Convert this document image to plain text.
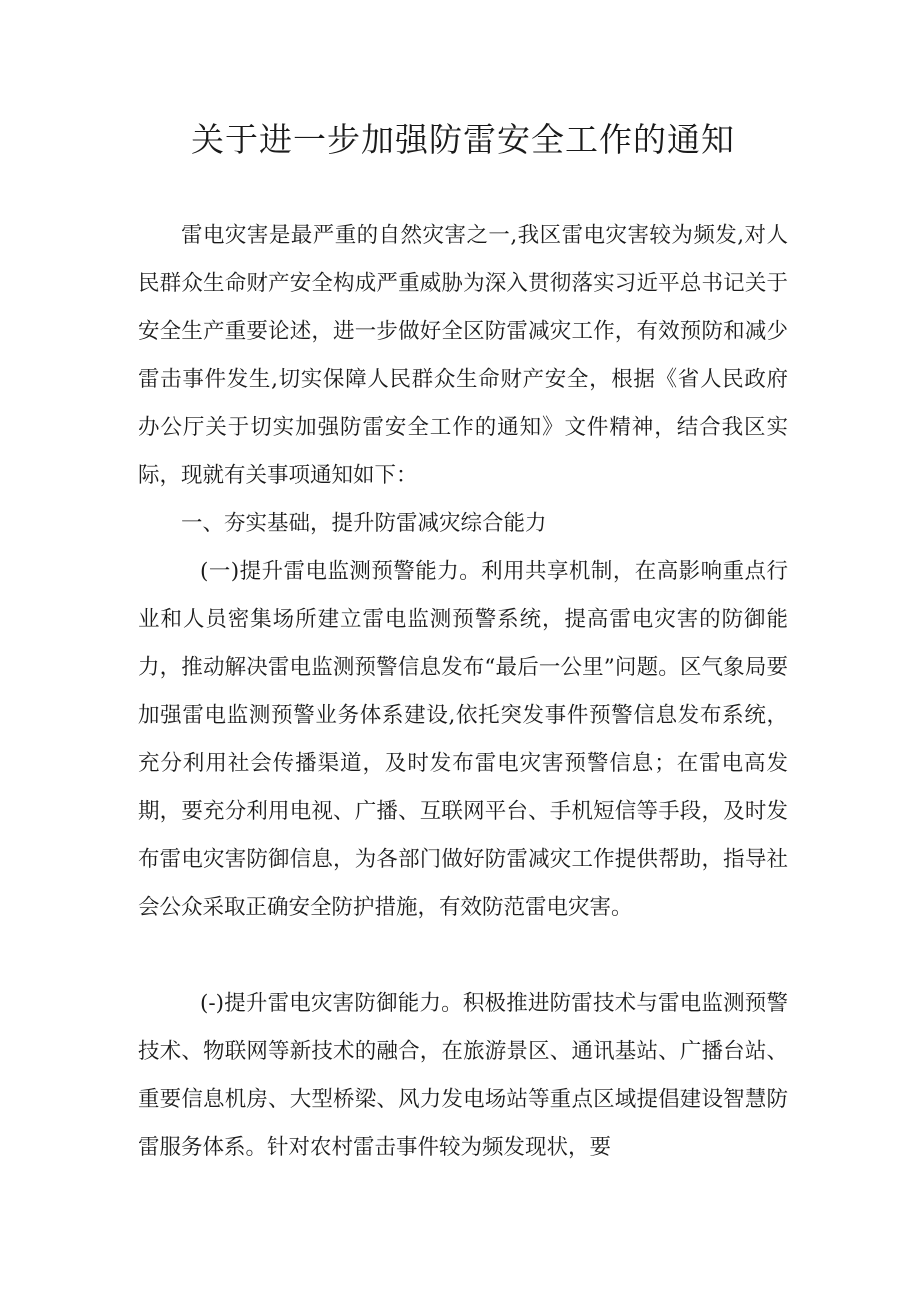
关于进一步加强防雷安全工作的通知

雷电灾害是最严重的自然灾害之一,我区雷电灾害较为频发,对人民群众生命财产安全构成严重威胁为深入贯彻落实习近平总书记关于安全生产重要论述，进一步做好全区防雷减灾工作，有效预防和减少雷击事件发生,切实保障人民群众生命财产安全，根据《省人民政府办公厅关于切实加强防雷安全工作的通知》文件精神，结合我区实际，现就有关事项通知如下：

一、夯实基础，提升防雷减灾综合能力

(一)提升雷电监测预警能力。利用共享机制，在高影响重点行业和人员密集场所建立雷电监测预警系统，提高雷电灾害的防御能力，推动解决雷电监测预警信息发布“最后一公里”问题。区气象局要加强雷电监测预警业务体系建设,依托突发事件预警信息发布系统，充分利用社会传播渠道，及时发布雷电灾害预警信息；在雷电高发期，要充分利用电视、广播、互联网平台、手机短信等手段，及时发布雷电灾害防御信息，为各部门做好防雷减灾工作提供帮助，指导社会公众采取正确安全防护措施，有效防范雷电灾害。

(-)提升雷电灾害防御能力。积极推进防雷技术与雷电监测预警技术、物联网等新技术的融合，在旅游景区、通讯基站、广播台站、重要信息机房、大型桥梁、风力发电场站等重点区域提倡建设智慧防雷服务体系。针对农村雷击事件较为频发现状，要
